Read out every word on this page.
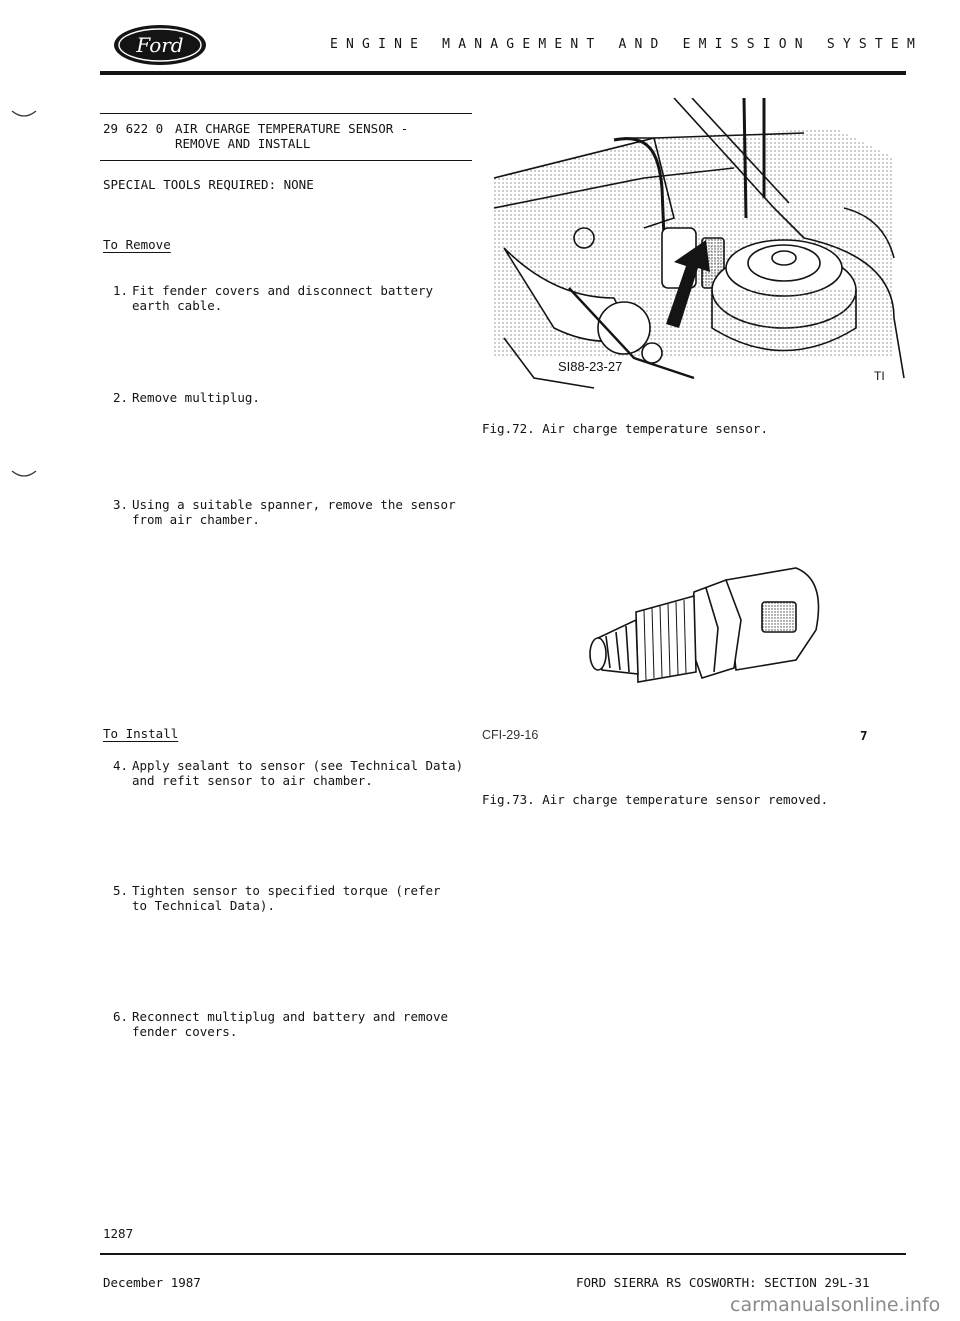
Ford	ENGINE MANAGEMENT AND EMISSION SYSTEM
29 622 0 AIR CHARGE TEMPERATURE SENSOR -
REMOVE AND INSTALL
SPECIAL TOOLS REQUIRED: NONE
To Remove
1. Fit fender covers and disconnect battery
earth cable.
2. Remove multiplug.
3. Using a suitable spanner, remove the sensor
from air chamber.
To Install
4. Apply sealant to sensor (see Technical Data)
and refit sensor to air chamber.
5. Tighten sensor to specified torque (refer
to Technical Data).
6. Reconnect multiplug and battery and remove
fender covers.
SI88-23-27
TI
Fig.72. Air charge temperature sensor.
CFI-29-16	7
Fig.73. Air charge temperature sensor removed.
1287
December 1987	FORD SIERRA RS COSWORTH: SECTION 29L-31
carmanualsonline.info
